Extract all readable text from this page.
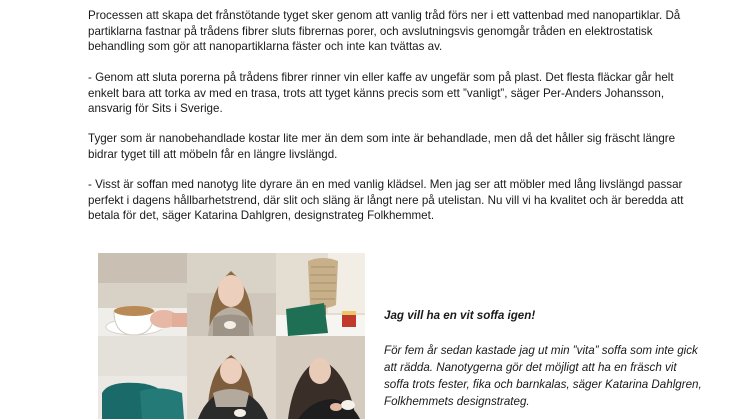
Processen att skapa det frånstötande tyget sker genom att vanlig tråd förs ner i ett vattenbad med nanopartiklar. Då partiklarna fastnar på trådens fibrer sluts fibrernas porer, och avslutningsvis genomgår tråden en elektrostatisk behandling som gör att nanopartiklarna fäster och inte kan tvättas av.

- Genom att sluta porerna på trådens fibrer rinner vin eller kaffe av ungefär som på plast. Det flesta fläckar går helt enkelt bara att torka av med en trasa, trots att tyget känns precis som ett ”vanligt”, säger Per-Anders Johansson, ansvarig för Sits i Sverige.

Tyger som är nanobehandlade kostar lite mer än dem som inte är behandlade, men då det håller sig fräscht längre bidrar tyget till att möbeln får en längre livslängd.

- Visst är soffan med nanotyg lite dyrare än en med vanlig klädsel. Men jag ser att möbler med lång livslängd passar perfekt i dagens hållbarhetstrend, där slit och släng är långt nere på utelistan. Nu vill vi ha kvalitet och är beredda att betala för det, säger Katarina Dahlgren, designstrateg Folkhemmet.

Jag vill ha en vit soffa igen!

För fem år sedan kastade jag ut min ”vita” soffa som inte gick att rädda. Nanotygerna gör det möjligt att ha en fräsch vit soffa trots fester, fika och barnkalas, säger Katarina Dahlgren, Folkhemmets designstrateg.
